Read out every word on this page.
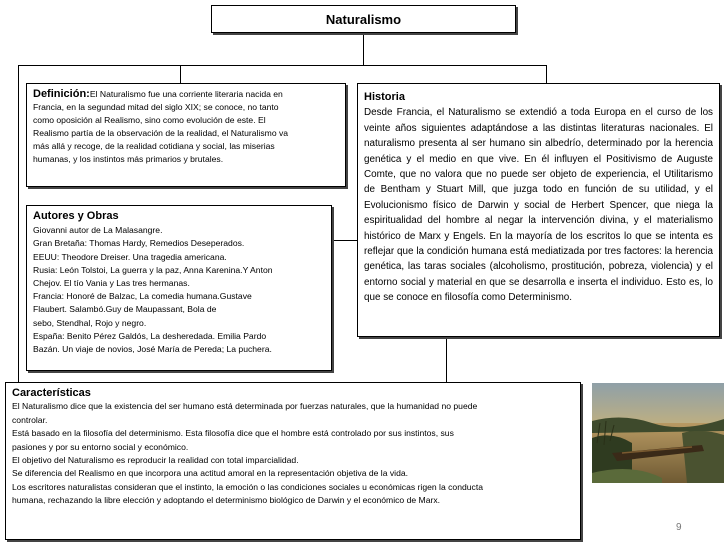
Naturalismo
Definición:El Naturalismo fue una corriente literaria nacida en
Francia, en la segundad mitad del siglo XIX; se conoce, no tanto
como oposición al Realismo, sino como evolución de este. El
Realismo partía de la observación de la realidad, el Naturalismo va
más allá y recoge, de la realidad cotidiana y social, las miserias
humanas, y los instintos más primarios y brutales.
Historia
Desde Francia, el Naturalismo se extendió a toda Europa en el curso de los veinte años siguientes adaptándose a las distintas literaturas nacionales. El naturalismo presenta al ser humano sin albedrío, determinado por la herencia genética y el medio en que vive. En él influyen el Positivismo de Auguste Comte, que no valora que no puede ser objeto de experiencia, el Utilitarismo de Bentham y Stuart Mill, que juzga todo en función de su utilidad, y el Evolucionismo físico de Darwin y social de Herbert Spencer, que niega la espiritualidad del hombre al negar la intervención divina, y el materialismo histórico de Marx y Engels. En la mayoría de los escritos lo que se intenta es reflejar que la condición humana está mediatizada por tres factores: la herencia genética, las taras sociales (alcoholismo, prostitución, pobreza, violencia) y el entorno social y material en que se desarrolla e inserta el individuo. Esto es, lo que se conoce en filosofía como Determinismo.
Autores y Obras
Giovanni autor de La Malasangre.
Gran Bretaña: Thomas Hardy, Remedios Deseperados.
EEUU: Theodore Dreiser. Una tragedia americana.
Rusia: León Tolstoi, La guerra y la paz, Anna Karenina.Y Anton
Chejov. El tío Vania y Las tres hermanas.
Francia: Honoré de Balzac, La comedia humana.Gustave
Flaubert. Salambó.Guy de Maupassant, Bola de
sebo, Stendhal, Rojo y negro.
España: Benito Pérez Galdós, La desheredada. Emilia Pardo
Bazán. Un viaje de novios, José María de Pereda; La puchera.
Características
El Naturalismo dice que la existencia del ser humano está determinada por fuerzas naturales, que la humanidad no puede
controlar.
Está basado en la filosofía del determinismo. Esta filosofía dice que el hombre está controlado por sus instintos, sus
pasiones y por su entorno social y económico.
El objetivo del Naturalismo es reproducir la realidad con total imparcialidad.
Se diferencia del Realismo en que incorpora una actitud amoral en la representación objetiva de la vida.
Los escritores naturalistas consideran que el instinto, la emoción o las condiciones sociales u económicas rigen la conducta
humana, rechazando la libre elección y adoptando el determinismo biológico de Darwin y el económico de Marx.
9
